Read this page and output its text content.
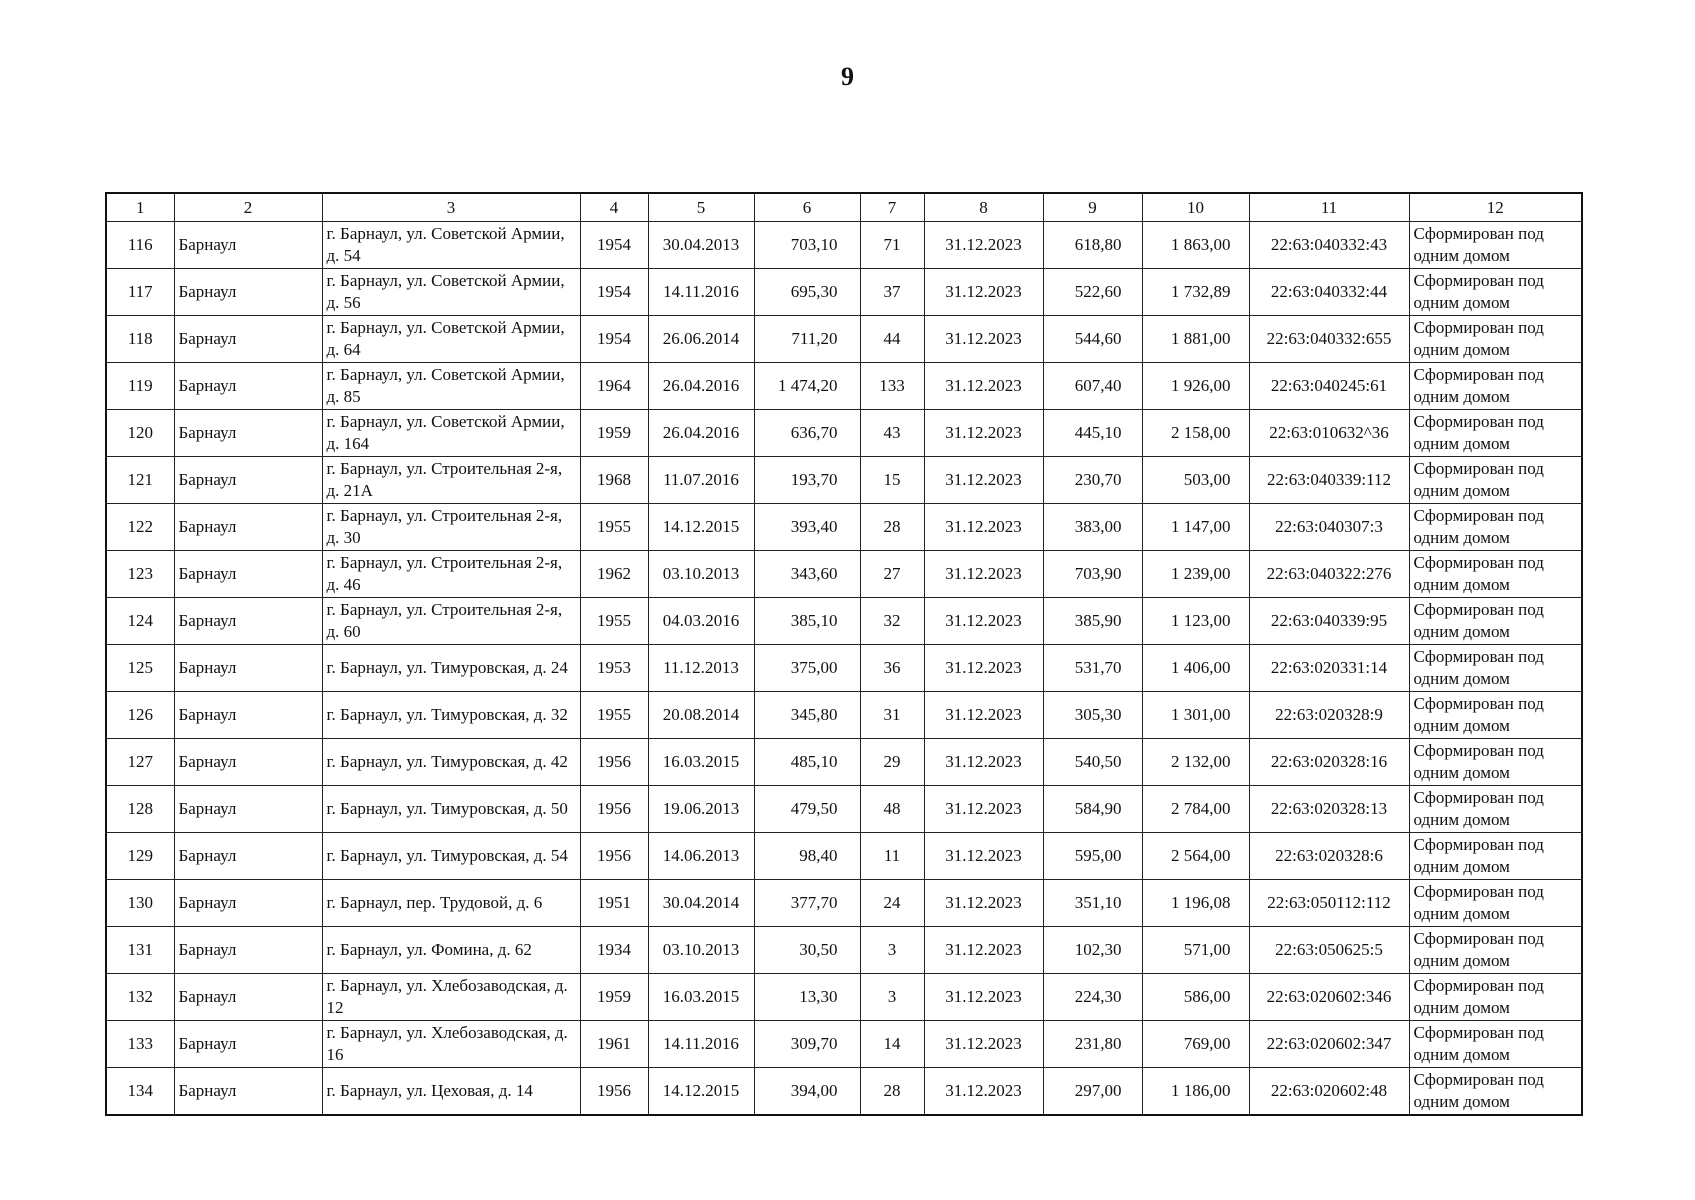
9
1	2	3	4	5	6	7	8	9	10	11	12
116	Барнаул	г. Барнаул, ул. Советской Армии, д. 54	1954	30.04.2013	703,10	71	31.12.2023	618,80	1 863,00	22:63:040332:43	Сформирован под одним домом
117	Барнаул	г. Барнаул, ул. Советской Армии, д. 56	1954	14.11.2016	695,30	37	31.12.2023	522,60	1 732,89	22:63:040332:44	Сформирован под одним домом
118	Барнаул	г. Барнаул, ул. Советской Армии, д. 64	1954	26.06.2014	711,20	44	31.12.2023	544,60	1 881,00	22:63:040332:655	Сформирован под одним домом
119	Барнаул	г. Барнаул, ул. Советской Армии, д. 85	1964	26.04.2016	1 474,20	133	31.12.2023	607,40	1 926,00	22:63:040245:61	Сформирован под одним домом
120	Барнаул	г. Барнаул, ул. Советской Армии, д. 164	1959	26.04.2016	636,70	43	31.12.2023	445,10	2 158,00	22:63:010632^36	Сформирован под одним домом
121	Барнаул	г. Барнаул, ул. Строительная 2-я, д. 21А	1968	11.07.2016	193,70	15	31.12.2023	230,70	503,00	22:63:040339:112	Сформирован под одним домом
122	Барнаул	г. Барнаул, ул. Строительная 2-я, д. 30	1955	14.12.2015	393,40	28	31.12.2023	383,00	1 147,00	22:63:040307:3	Сформирован под одним домом
123	Барнаул	г. Барнаул, ул. Строительная 2-я, д. 46	1962	03.10.2013	343,60	27	31.12.2023	703,90	1 239,00	22:63:040322:276	Сформирован под одним домом
124	Барнаул	г. Барнаул, ул. Строительная 2-я, д. 60	1955	04.03.2016	385,10	32	31.12.2023	385,90	1 123,00	22:63:040339:95	Сформирован под одним домом
125	Барнаул	г. Барнаул, ул. Тимуровская, д. 24	1953	11.12.2013	375,00	36	31.12.2023	531,70	1 406,00	22:63:020331:14	Сформирован под одним домом
126	Барнаул	г. Барнаул, ул. Тимуровская, д. 32	1955	20.08.2014	345,80	31	31.12.2023	305,30	1 301,00	22:63:020328:9	Сформирован под одним домом
127	Барнаул	г. Барнаул, ул. Тимуровская, д. 42	1956	16.03.2015	485,10	29	31.12.2023	540,50	2 132,00	22:63:020328:16	Сформирован под одним домом
128	Барнаул	г. Барнаул, ул. Тимуровская, д. 50	1956	19.06.2013	479,50	48	31.12.2023	584,90	2 784,00	22:63:020328:13	Сформирован под одним домом
129	Барнаул	г. Барнаул, ул. Тимуровская, д. 54	1956	14.06.2013	98,40	11	31.12.2023	595,00	2 564,00	22:63:020328:6	Сформирован под одним домом
130	Барнаул	г. Барнаул, пер. Трудовой, д. 6	1951	30.04.2014	377,70	24	31.12.2023	351,10	1 196,08	22:63:050112:112	Сформирован под одним домом
131	Барнаул	г. Барнаул, ул. Фомина, д. 62	1934	03.10.2013	30,50	3	31.12.2023	102,30	571,00	22:63:050625:5	Сформирован под одним домом
132	Барнаул	г. Барнаул, ул. Хлебозаводская, д. 12	1959	16.03.2015	13,30	3	31.12.2023	224,30	586,00	22:63:020602:346	Сформирован под одним домом
133	Барнаул	г. Барнаул, ул. Хлебозаводская, д. 16	1961	14.11.2016	309,70	14	31.12.2023	231,80	769,00	22:63:020602:347	Сформирован под одним домом
134	Барнаул	г. Барнаул, ул. Цеховая, д. 14	1956	14.12.2015	394,00	28	31.12.2023	297,00	1 186,00	22:63:020602:48	Сформирован под одним домом
